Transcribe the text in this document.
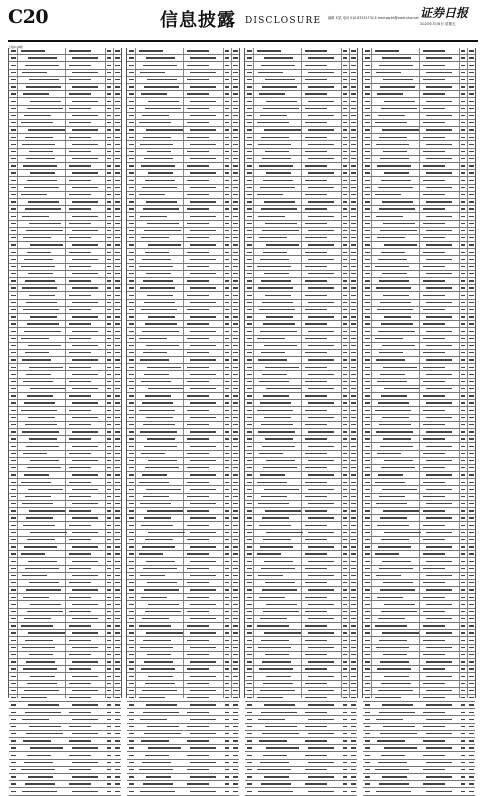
C20	信息披露 DISCLOSURE 编辑 刘武 电话 010-83251730 E-mail:zqrb9@zqrb.sina.net 证券日报
2020年3月6日 星期五
上接C19版
